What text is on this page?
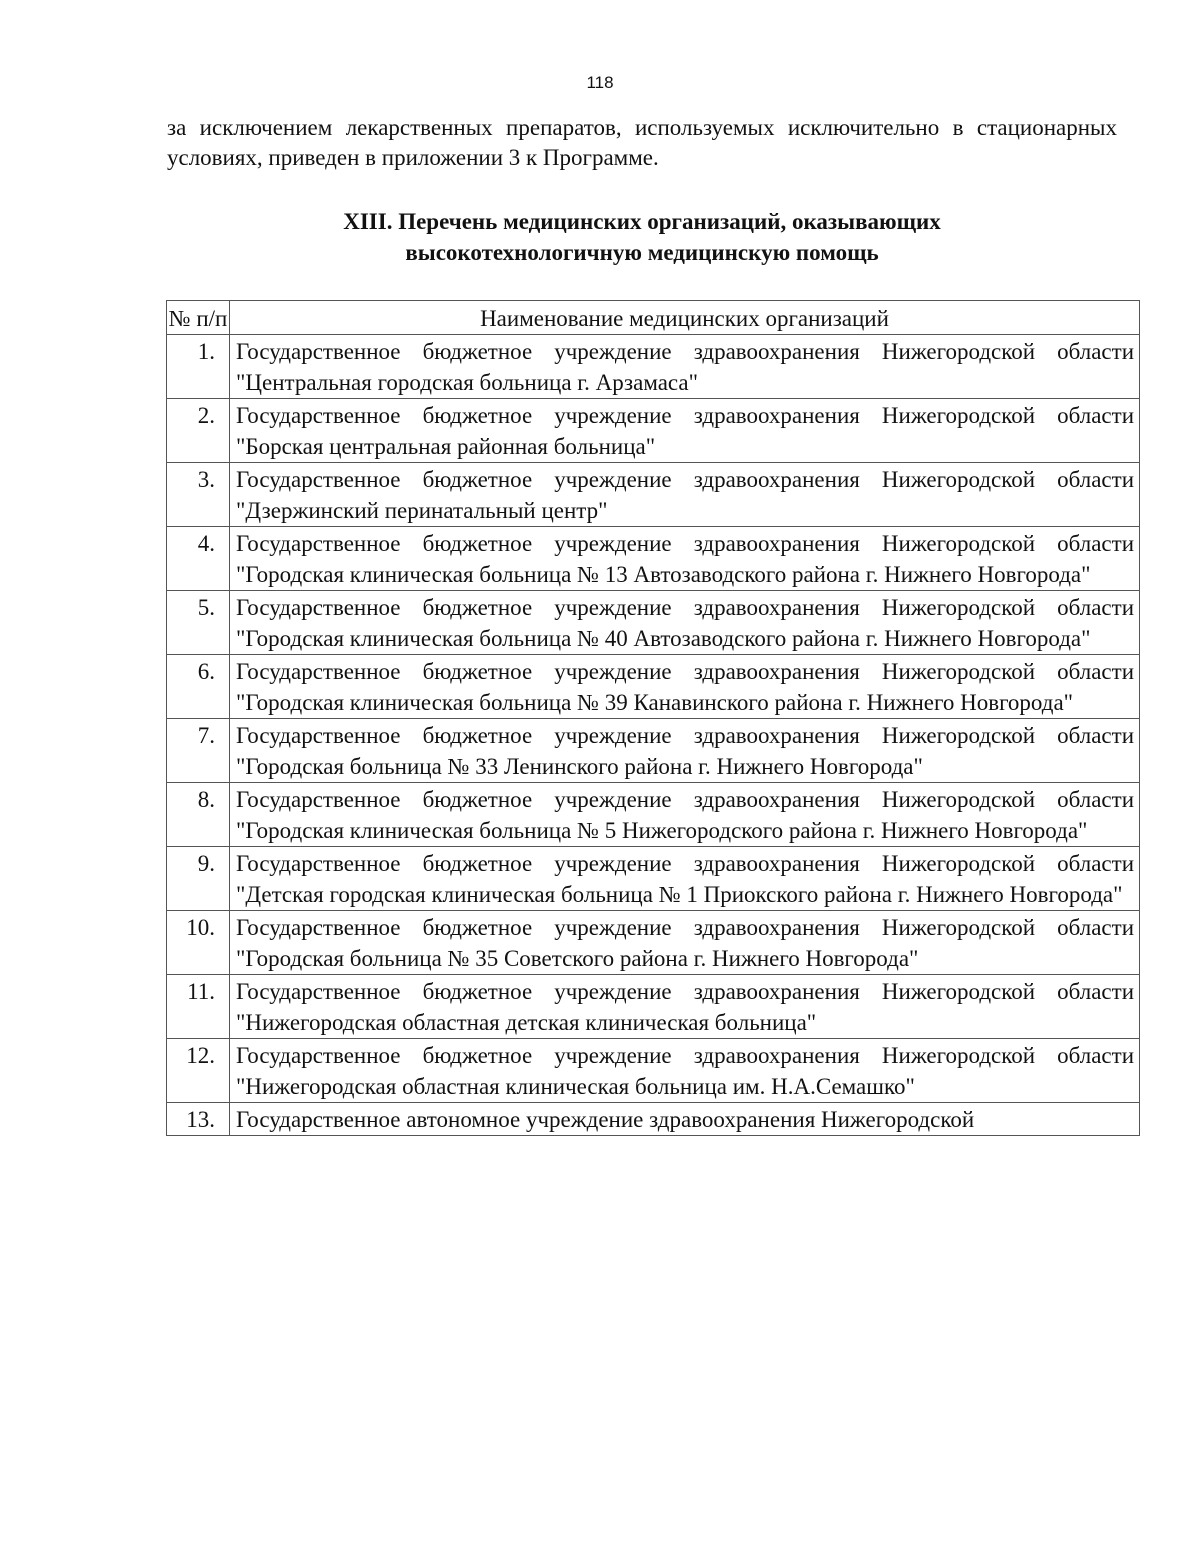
118

за исключением лекарственных препаратов, используемых исключительно в стационарных условиях, приведен в приложении 3 к Программе.

XIII. Перечень медицинских организаций, оказывающих
высокотехнологичную медицинскую помощь
№ п/п	Наименование медицинских организаций
1.	Государственное бюджетное учреждение здравоохранения Нижегородской области "Центральная городская больница г. Арзамаса"
2.	Государственное бюджетное учреждение здравоохранения Нижегородской области "Борская центральная районная больница"
3.	Государственное бюджетное учреждение здравоохранения Нижегородской области "Дзержинский перинатальный центр"
4.	Государственное бюджетное учреждение здравоохранения Нижегородской области "Городская клиническая больница № 13 Автозаводского района г. Нижнего Новгорода"
5.	Государственное бюджетное учреждение здравоохранения Нижегородской области "Городская клиническая больница № 40 Автозаводского района г. Нижнего Новгорода"
6.	Государственное бюджетное учреждение здравоохранения Нижегородской области "Городская клиническая больница № 39 Канавинского района г. Нижнего Новгорода"
7.	Государственное бюджетное учреждение здравоохранения Нижегородской области "Городская больница № 33 Ленинского района г. Нижнего Новгорода"
8.	Государственное бюджетное учреждение здравоохранения Нижегородской области "Городская клиническая больница № 5 Нижегородского района г. Нижнего Новгорода"
9.	Государственное бюджетное учреждение здравоохранения Нижегородской области "Детская городская клиническая больница № 1 Приокского района г. Нижнего Новгорода"
10.	Государственное бюджетное учреждение здравоохранения Нижегородской области "Городская больница № 35 Советского района г. Нижнего Новгорода"
11.	Государственное бюджетное учреждение здравоохранения Нижегородской области "Нижегородская областная детская клиническая больница"
12.	Государственное бюджетное учреждение здравоохранения Нижегородской области "Нижегородская областная клиническая больница им. Н.А.Семашко"
13.	Государственное автономное учреждение здравоохранения Нижегородской
